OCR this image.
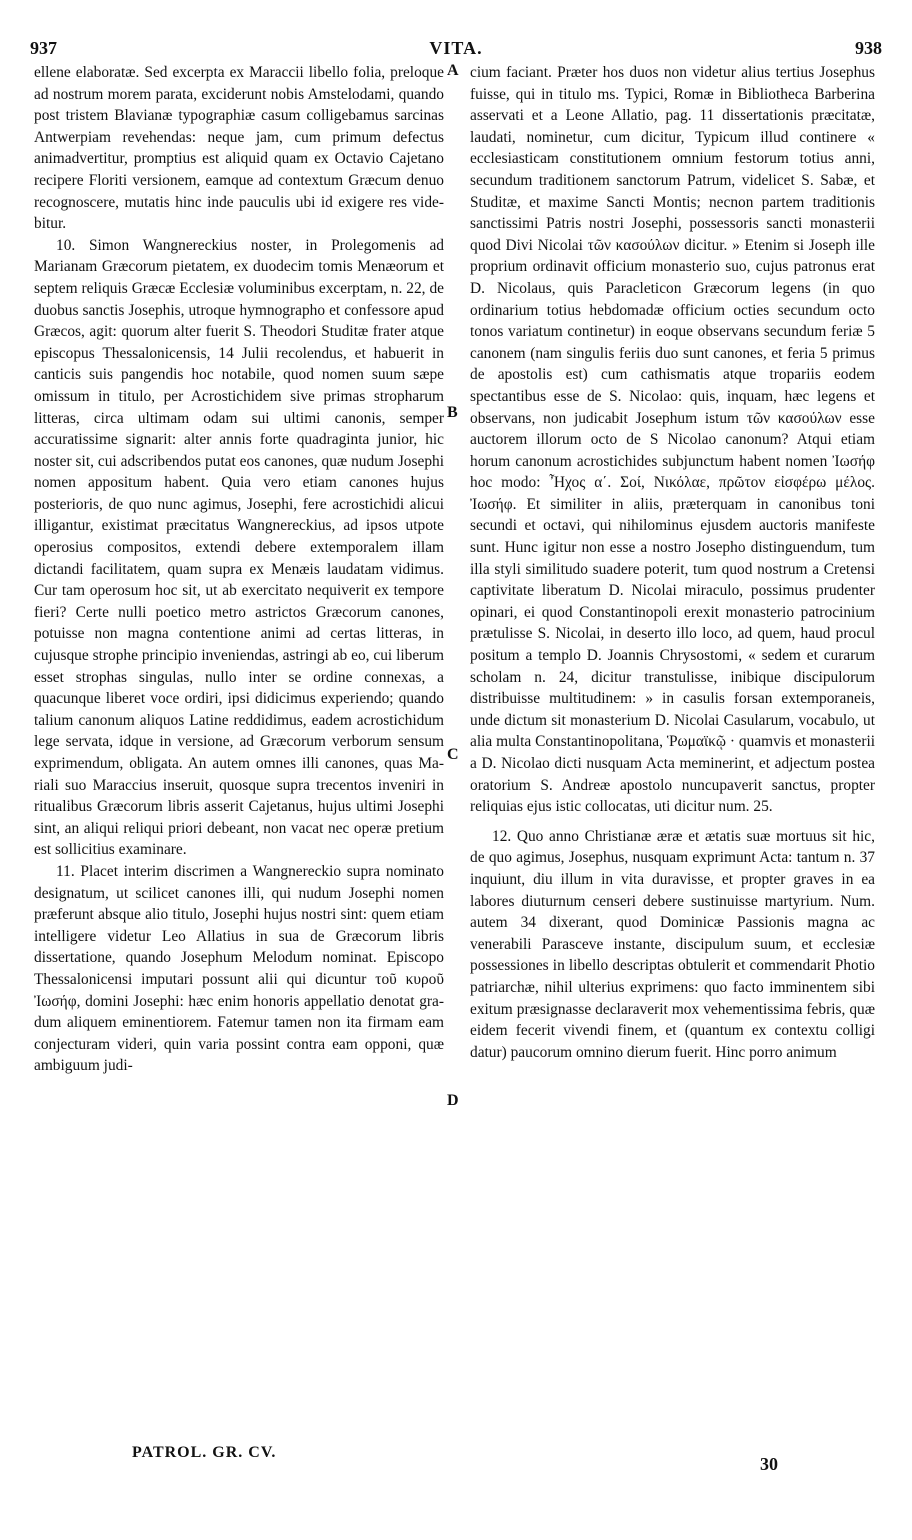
937	VITA.	938

ellene elaboratæ. Sed excerpta ex Maraccii libello folia, preloque ad nostrum morem parata, exciderunt nobis Amstelodami, quando post tristem Blavianæ typographiæ casum colligebamus sarcinas Antwerpiam revehendas: neque jam, cum primum defectus animadvertitur, promptius est aliquid quam ex Octavio Cajetano recipere Floriti versionem, eamque ad contextum Græcum denuo recognoscere, mutatis hinc inde pauculis ubi id exigere res videbitur.

10. Simon Wangnereckius noster, in Prolegomenis ad Marianam Græcorum pietatem, ex duodecim tomis Menæorum et septem reliquis Græcæ Ecclesiæ voluminibus excerptam, n. 22, de duobus sanctis Josephis, utroque hymnographo et confessore apud Græcos, agit: quorum alter fuerit S. Theodori Studitæ frater atque episcopus Thessalonicensis, 14 Julii recolendus, et habuerit in canticis suis pangendis hoc notabile, quod nomen suum sæpe omissum in titulo, per Acrostichidem sive primas stropharum litteras, circa ultimam odam sui ultimi canonis, semper accuratissime signarit: alter annis forte quadraginta junior, hic noster sit, cui adscribendos putat eos canones, quæ nudum Josephi nomen appositum habent. Quia vero etiam canones hujus posterioris, de quo nunc agimus, Josephi, fere acrostichidi alicui illigantur, existimat præcitatus Wangnereckius, ad ipsos utpote operosius compositos, extendi debere extemporalem illam dictandi facilitatem, quam supra ex Menæis laudatam vidimus. Cur tam operosum hoc sit, ut ab exercitato nequiverit ex tempore fieri? Certe nulli poetico metro astrictos Græcorum canones, potuisse non magna contentione animi ad certas litteras, in cujusque strophe principio inveniendas, astringi ab eo, cui liberum esset strophas singulas, nullo inter se ordine connexas, a quacunque liberet voce ordiri, ipsi didicimus experiendo; quando talium canonum aliquos Latine reddidimus, eadem acrostichidum lege servata, idque in versione, ad Græcorum verborum sensum exprimendum, obligata. An autem omnes illi canones, quas Mariali suo Maraccius inseruit, quosque supra trecentos inveniri in ritualibus Græcorum libris asserit Cajetanus, hujus ultimi Josephi sint, an aliqui reliqui priori debeant, non vacat nec operæ pretium est sollicitius examinare.

11. Placet interim discrimen a Wangnereckio supra nominato designatum, ut scilicet canones illi, qui nudum Josephi nomen præferunt absque alio titulo, Josephi hujus nostri sint: quem etiam intelligere videtur Leo Allatius in sua de Græcorum libris dissertatione, quando Josephum Melodum nominat. Episcopo Thessalonicensi imputari possunt alii qui dicuntur τοῦ κυροῦ Ἰωσήφ, domini Josephi: hæc enim honoris appellatio denotat gradum aliquem eminentiorem. Fatemur tamen non ita firmam eam conjecturam videri, quin varia possint contra eam opponi, quæ ambiguum judi-

A
B
C
D

cium faciant. Præter hos duos non videtur alius tertius Josephus fuisse, qui in titulo ms. Typici, Romæ in Bibliotheca Barberina asservati et a Leone Allatio, pag. 11 dissertationis præcitatæ, laudati, nominetur, cum dicitur, Typicum illud continere « ecclesiasticam constitutionem omnium festorum totius anni, secundum traditionem sanctorum Patrum, videlicet S. Sabæ, et Studitæ, et maxime Sancti Montis; necnon partem traditionis sanctissimi Patris nostri Josephi, possessoris sancti monasterii quod Divi Nicolai τῶν κασούλων dicitur. » Etenim si Joseph ille proprium ordinavit officium monasterio suo, cujus patronus erat D. Nicolaus, quis Paracleticon Græcorum legens (in quo ordinarium totius hebdomadæ officium octies secundum octo tonos variatum continetur) in eoque observans secundum feriæ 5 canonem (nam singulis feriis duo sunt canones, et feria 5 primus de apostolis est) cum cathismatis atque tropariis eodem spectantibus esse de S. Nicolao: quis, inquam, hæc legens et observans, non judicabit Josephum istum τῶν κασούλων esse auctorem illorum octo de S Nicolao canonum? Atqui etiam horum canonum acrostichides subjunctum habent nomen Ἰωσήφ hoc modo: Ἦχος α΄. Σοί, Νικόλαε, πρῶτον εἰσφέρω μέλος. Ἰωσήφ. Et similiter in aliis, præterquam in canonibus toni secundi et octavi, qui nihilominus ejusdem auctoris manifeste sunt. Hunc igitur non esse a nostro Josepho distinguendum, tum illa styli similitudo suadere poterit, tum quod nostrum a Cretensi captivitate liberatum D. Nicolai miraculo, possimus prudenter opinari, ei quod Constantinopoli erexit monasterio patrocinium prætulisse S. Nicolai, in deserto illo loco, ad quem, haud procul positum a templo D. Joannis Chrysostomi, « sedem et curarum scholam n. 24, dicitur transtulisse, inibique discipulorum distribuisse multitudinem: » in casulis forsan extemporaneis, unde dictum sit monasterium D. Nicolai Casularum, vocabulo, ut alia multa Constantinopolitana, Ῥωμαϊκῷ · quamvis et monasterii a D. Nicolao dicti nusquam Acta meminerint, et adjectum postea oratorium S. Andreæ apostolo nuncupaverit sanctus, propter reliquias ejus istic collocatas, uti dicitur num. 25.

12. Quo anno Christianæ æræ et ætatis suæ mortuus sit hic, de quo agimus, Josephus, nusquam exprimunt Acta: tantum n. 37 inquiunt, diu illum in vita duravisse, et propter graves in ea labores diuturnum censeri debere sustinuisse martyrium. Num. autem 34 dixerant, quod Dominicæ Passionis magna ac venerabili Parasceve instante, discipulum suum, et ecclesiæ possessiones in libello descriptas obtulerit et commendarit Photio patriarchæ, nihil ulterius exprimens: quo facto imminentem sibi exitum præsignasse declaraverit mox vehementissima febris, quæ eidem fecerit vivendi finem, et (quantum ex contextu colligi datur) paucorum omnino dierum fuerit. Hinc porro animum

PATROL. GR. CV.
30
